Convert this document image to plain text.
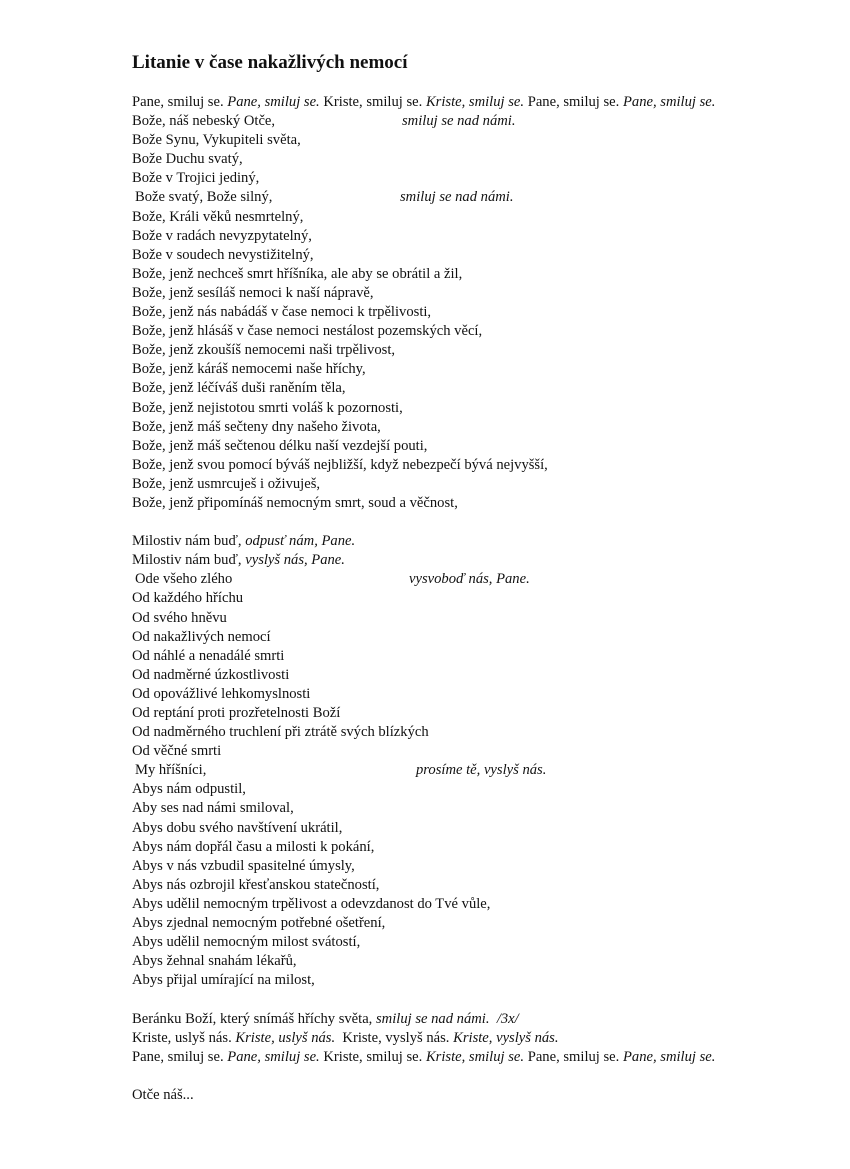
Litanie v čase nakažlivých nemocí
Pane, smiluj se. Pane, smiluj se. Kriste, smiluj se. Kriste, smiluj se. Pane, smiluj se. Pane, smiluj se.
Bože, náš nebeský Otče,	smiluj se nad námi.
Bože Synu, Vykupiteli světa,
Bože Duchu svatý,
Bože v Trojici jediný,
Bože svatý, Bože silný,	smiluj se nad námi.
Bože, Králi věků nesmrtelný,
Bože v radách nevyzpytatelný,
Bože v soudech nevystižitelný,
Bože, jenž nechceš smrt hříšníka, ale aby se obrátil a žil,
Bože, jenž sesíláš nemoci k naší nápravě,
Bože, jenž nás nabádáš v čase nemoci k trpělivosti,
Bože, jenž hlásáš v čase nemoci nestálost pozemských věcí,
Bože, jenž zkoušíš nemocemi naši trpělivost,
Bože, jenž káráš nemocemi naše hříchy,
Bože, jenž léčíváš duši raněním těla,
Bože, jenž nejistotou smrti voláš k pozornosti,
Bože, jenž máš sečteny dny našeho života,
Bože, jenž máš sečtenou délku naší vezdejší pouti,
Bože, jenž svou pomocí býváš nejbližší, když nebezpečí bývá nejvyšší,
Bože, jenž usmrcuješ i oživuješ,
Bože, jenž připomínáš nemocným smrt, soud a věčnost,
Milostiv nám buď, odpusť nám, Pane.
Milostiv nám buď, vyslyš nás, Pane.
Ode všeho zlého	vysvoboď nás, Pane.
Od každého hříchu
Od svého hněvu
Od nakažlivých nemocí
Od náhlé a nenadálé smrti
Od nadměrné úzkostlivosti
Od opovážlivé lehkomyslnosti
Od reptání proti prozřetelnosti Boží
Od nadměrného truchlení při ztrátě svých blízkých
Od věčné smrti
My hříšníci,	prosíme tě, vyslyš nás.
Abys nám odpustil,
Aby ses nad námi smiloval,
Abys dobu svého navštívení ukrátil,
Abys nám dopřál času a milosti k pokání,
Abys v nás vzbudil spasitelné úmysly,
Abys nás ozbrojil křesťanskou statečností,
Abys udělil nemocným trpělivost a odevzdanost do Tvé vůle,
Abys zjednal nemocným potřebné ošetření,
Abys udělil nemocným milost svátostí,
Abys žehnal snahám lékařů,
Abys přijal umírající na milost,
Beránku Boží, který snímáš hříchy světa, smiluj se nad námi. /3x/
Kriste, uslyš nás. Kriste, uslyš nás. Kriste, vyslyš nás. Kriste, vyslyš nás.
Pane, smiluj se. Pane, smiluj se. Kriste, smiluj se. Kriste, smiluj se. Pane, smiluj se. Pane, smiluj se.
Otče náš...
